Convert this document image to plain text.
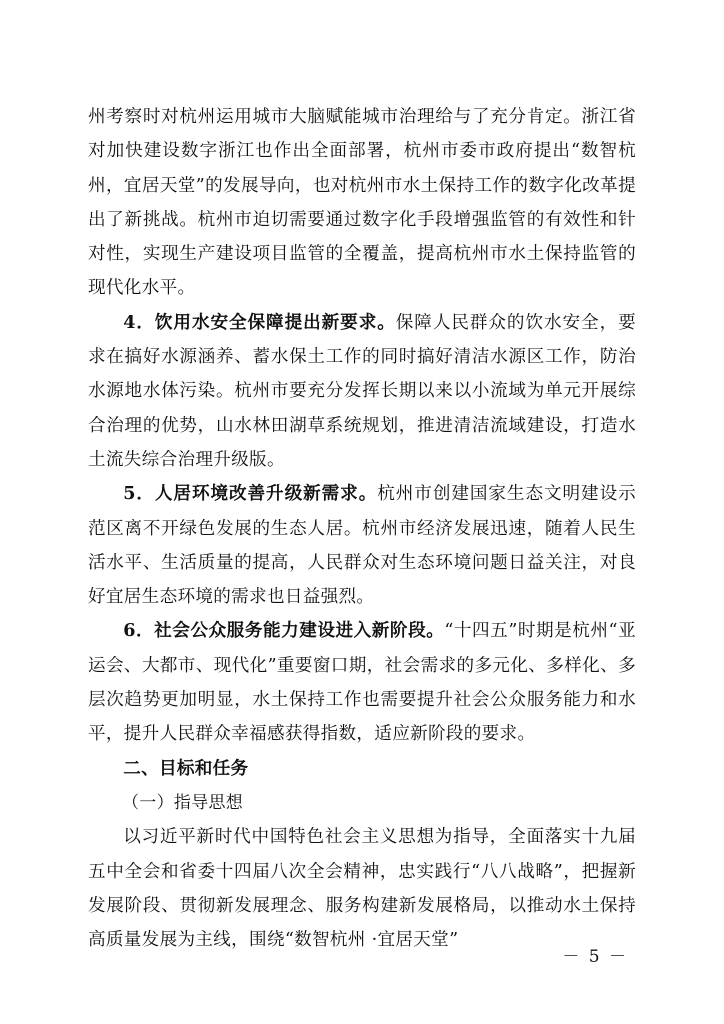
州考察时对杭州运用城市大脑赋能城市治理给与了充分肯定。浙江省对加快建设数字浙江也作出全面部署，杭州市委市政府提出“数智杭州，宜居天堂”的发展导向，也对杭州市水土保持工作的数字化改革提出了新挑战。杭州市迫切需要通过数字化手段增强监管的有效性和针对性，实现生产建设项目监管的全覆盖，提高杭州市水土保持监管的现代化水平。

4．饮用水安全保障提出新要求。保障人民群众的饮水安全，要求在搞好水源涵养、蓄水保土工作的同时搞好清洁水源区工作，防治水源地水体污染。杭州市要充分发挥长期以来以小流域为单元开展综合治理的优势，山水林田湖草系统规划，推进清洁流域建设，打造水土流失综合治理升级版。

5．人居环境改善升级新需求。杭州市创建国家生态文明建设示范区离不开绿色发展的生态人居。杭州市经济发展迅速，随着人民生活水平、生活质量的提高，人民群众对生态环境问题日益关注，对良好宜居生态环境的需求也日益强烈。

6．社会公众服务能力建设进入新阶段。“十四五”时期是杭州“亚运会、大都市、现代化”重要窗口期，社会需求的多元化、多样化、多层次趋势更加明显，水土保持工作也需要提升社会公众服务能力和水平，提升人民群众幸福感获得指数，适应新阶段的要求。

二、目标和任务

（一）指导思想

以习近平新时代中国特色社会主义思想为指导，全面落实十九届五中全会和省委十四届八次全会精神，忠实践行“八八战略”，把握新发展阶段、贯彻新发展理念、服务构建新发展格局，以推动水土保持高质量发展为主线，围绕“数智杭州 ·宜居天堂”

－ 5 －
